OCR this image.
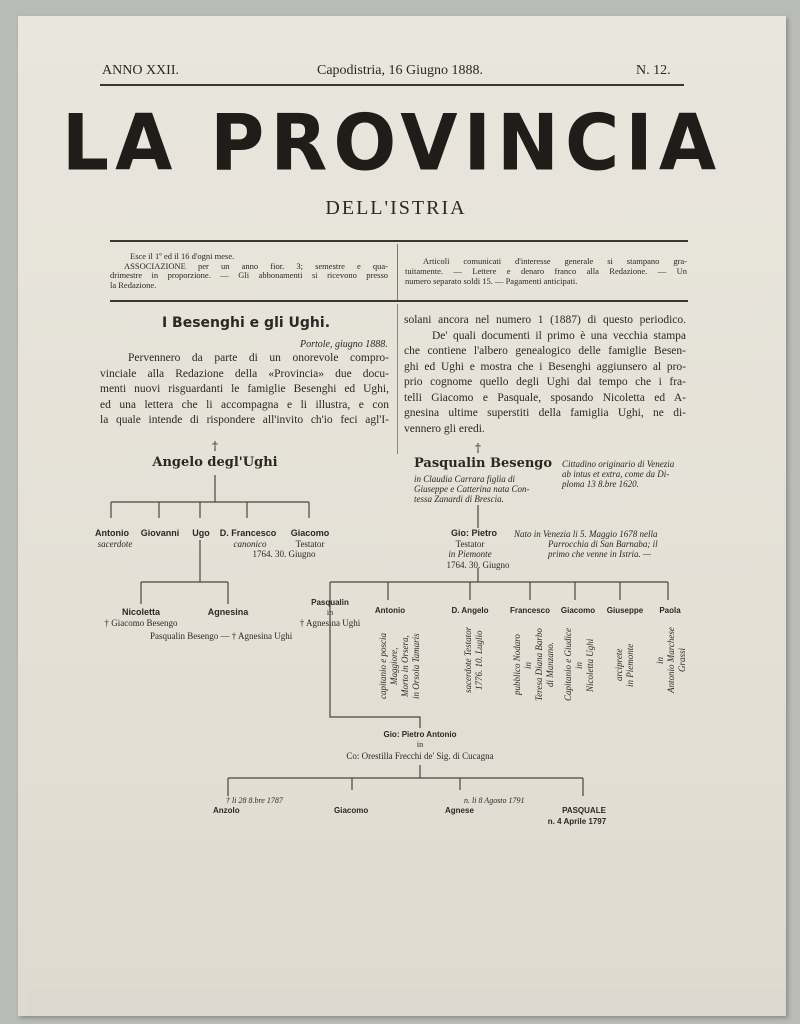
ANNO XXII.	Capodistria, 16 Giugno 1888.	N. 12.
LA PROVINCIA
DELL'ISTRIA

Esce il 1º ed il 16 d'ogni mese.

ASSOCIAZIONE per un anno fior. 3; semestre e qua-

drimestre in proporzione. — Gli abbonamenti si ricevono presso

la Redazione.

Articoli comunicati d'interesse generale si stampano gra-

tuitamente. — Lettere e denaro franco alla Redazione. — Un

numero separato soldi 15. — Pagamenti anticipati.

I Besenghi e gli Ughi.
Portole, giugno 1888.

Pervennero da parte di un onorevole compro-

vinciale alla Redazione della «Provincia» due docu-

menti nuovi risguardanti le famiglie Besenghi ed Ughi,

ed una lettera che li accompagna e li illustra, e con

la quale intende di rispondere all'invito ch'io feci agl'I-

solani ancora nel numero 1 (1887) di questo periodico.

De' quali documenti il primo è una vecchia stampa

che contiene l'albero genealogico delle famiglie Besen-

ghi ed Ughi e mostra che i Besenghi aggiunsero al pro-

prio cognome quello degli Ughi dal tempo che i fra-

telli Giacomo e Pasquale, sposando Nicoletta ed A-

gnesina ultime superstiti della famiglia Ughi, ne di-

vennero gli eredi.

†
Angelo degl'Ughi
Antonio
sacerdote
Giovanni Ugo D. Francesco
canonico
Giacomo
Testator
1764. 30. Giugno
Nicoletta
† Giacomo Besengo
Agnesina
Pasqualin Besengo — † Agnesina Ughi
†
Pasqualin Besengo Cittadino originario di Venezia
ab intus et extra, come da Di-
ploma 13 8.bre 1620.
in Claudia Carrara figlia di
Giuseppe e Catterina nata Con-
tessa Zanardi di Brescia.
Gio: Pietro
Testator
in Piemonte
1764. 30. Giugno
Nato in Venezia li 5. Maggio 1678 nella
Parrocchia di San Barnaba; il
primo che venne in Istria. —
Pasqualin
in
† Agnesina Ughi
Antonio
capitanio e poscia Maggiore, Morto in Orsera, in Orsola Tamaris
D. Angelo
sacerdote Testator 1776. 10. Luglio
Francesco
pubblico Nodaro in Teresa Diana Barbo di Manzano.
Giacomo
Capitanio e Giudice in Nicoletta Ughi
Giuseppe
arciprete in Piemonte
Paola
in Antonio Marchese Grassi
Gio: Pietro Antonio
in
Co: Orestilla Frecchi de' Sig. di Cucagna
† li 28 8.bre 1787
Anzolo	Giacomo
n. li 8 Agosto 1791
Agnese	PASQUALE
n. 4 Aprile 1797
